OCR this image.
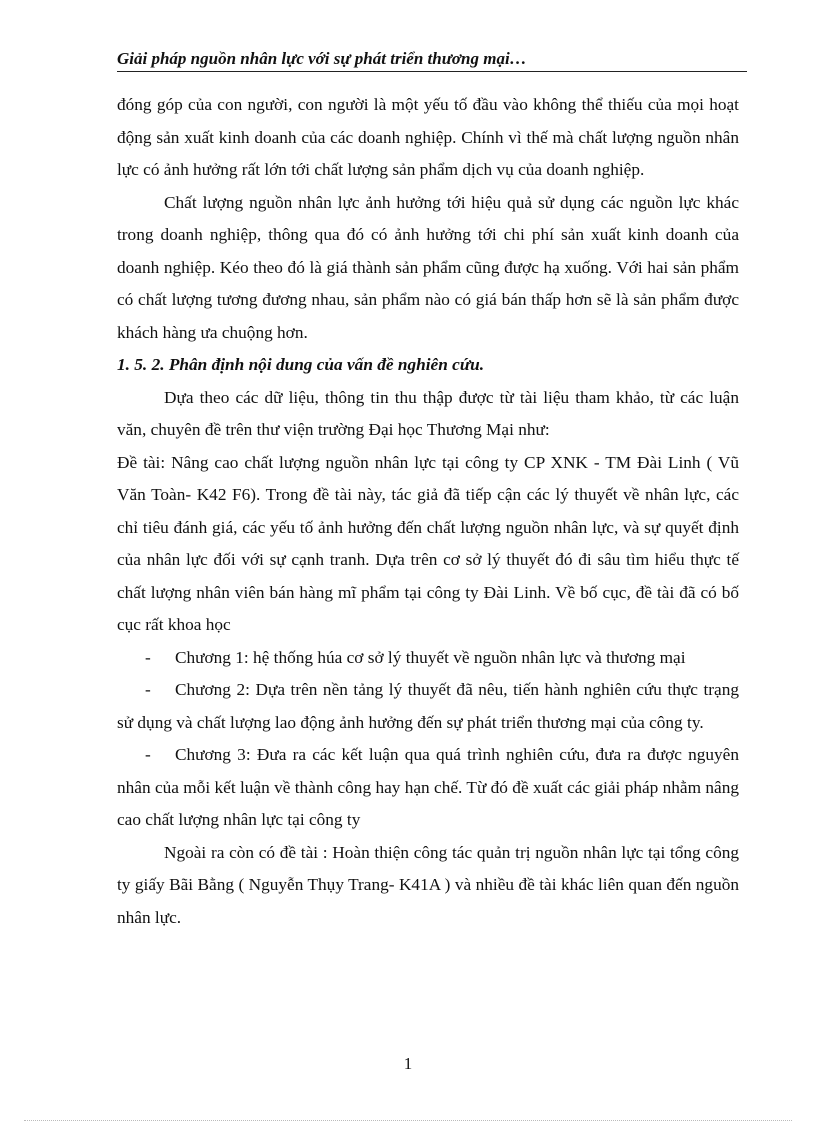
Giải pháp nguồn nhân lực với sự phát triển thương mại…

đóng góp của con người, con người là một yếu tố đầu vào không thể thiếu của mọi hoạt động sản xuất kinh doanh của các doanh nghiệp. Chính vì thế mà chất lượng nguồn nhân lực có ảnh hưởng rất lớn tới chất lượng sản phẩm dịch vụ của doanh nghiệp.

Chất lượng nguồn nhân lực ảnh hưởng tới hiệu quả sử dụng các nguồn lực khác trong doanh nghiệp, thông qua đó có ảnh hưởng tới chi phí sản xuất kinh doanh của doanh nghiệp. Kéo theo đó là giá thành sản phẩm cũng được hạ xuống. Với hai sản phẩm có chất lượng tương đương nhau, sản phẩm nào có giá bán thấp hơn sẽ là sản phẩm được khách hàng ưa chuộng hơn.

1. 5. 2. Phân định nội dung của vấn đề nghiên cứu.

Dựa theo các dữ liệu, thông tin thu thập được từ tài liệu tham khảo, từ các luận văn, chuyên đề trên thư viện trường Đại học Thương Mại như:

Đề tài: Nâng cao chất lượng nguồn nhân lực tại công ty CP XNK - TM Đài Linh ( Vũ Văn Toàn- K42 F6). Trong đề tài này, tác giả đã tiếp cận các lý thuyết về nhân lực, các chỉ tiêu đánh giá, các yếu tố ảnh hưởng đến chất lượng nguồn nhân lực, và sự quyết định của nhân lực đối với sự cạnh tranh. Dựa trên cơ sở lý thuyết đó đi sâu tìm hiểu thực tế chất lượng nhân viên bán hàng mĩ phẩm tại công ty Đài Linh. Về bố cục, đề tài đã có bố cục rất khoa học

- Chương 1: hệ thống húa cơ sở lý thuyết về nguồn nhân lực và thương mại

- Chương 2: Dựa trên nền tảng lý thuyết đã nêu, tiến hành nghiên cứu thực trạng sử dụng và chất lượng lao động ảnh hưởng đến sự phát triển thương mại của công ty.

- Chương 3: Đưa ra các kết luận qua quá trình nghiên cứu, đưa ra được nguyên nhân của mỗi kết luận về thành công hay hạn chế. Từ đó đề xuất các giải pháp nhằm nâng cao chất lượng nhân lực tại công ty

Ngoài ra còn có đề tài : Hoàn thiện công tác quản trị nguồn nhân lực tại tổng công ty giấy Bãi Bằng ( Nguyễn Thụy Trang- K41A ) và nhiều đề tài khác liên quan đến nguồn nhân lực.

1
